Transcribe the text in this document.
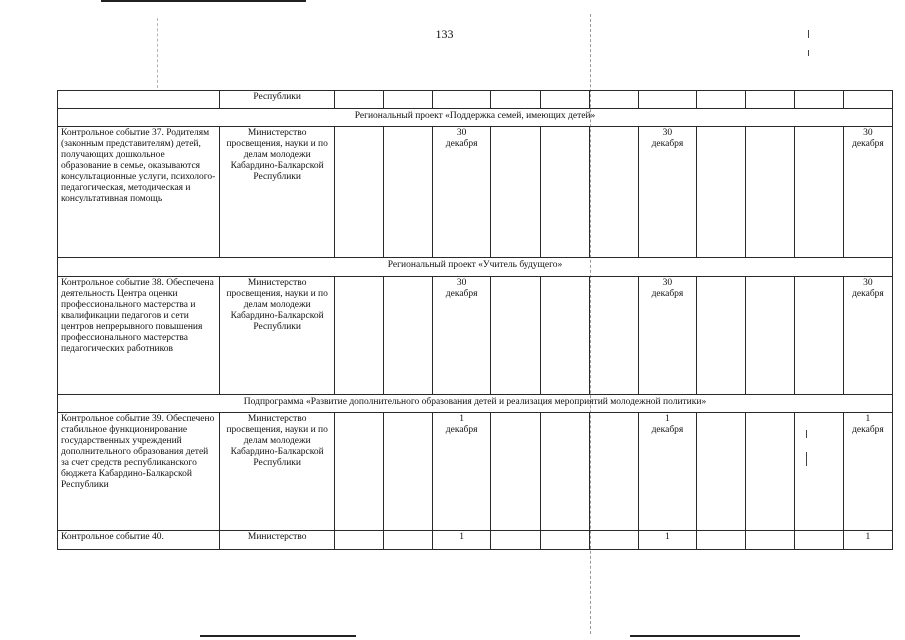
133
	Республики											
Региональный проект «Поддержка семей, имеющих детей»												
Контрольное событие 37. Родителям (законным представителям) детей, получающих дошкольное образование в семье, оказываются консультационные услуги, психолого-педагогическая, методическая и консультативная помощь	Министерство просвещения, науки и по делам молодежи Кабардино-Балкарской Республики			30
декабря				30
декабря				30
декабря

Региональный проект «Учитель будущего»												
Контрольное событие 38. Обеспечена деятельность Центра оценки профессионального мастерства и квалификации педагогов и сети центров непрерывного повышения профессионального мастерства педагогических работников	Министерство просвещения, науки и по делам молодежи Кабардино-Балкарской Республики			30
декабря				30
декабря				30
декабря

Подпрограмма «Развитие дополнительного образования детей и реализация мероприятий молодежной политики»												
Контрольное событие 39. Обеспечено стабильное функционирование государственных учреждений дополнительного образования детей за счет средств республиканского бюджета Кабардино-Балкарской Республики	Министерство просвещения, науки и по делам молодежи Кабардино-Балкарской Республики			1
декабря				1
декабря				1
декабря

Контрольное событие 40.	Министерство			1				1				1
